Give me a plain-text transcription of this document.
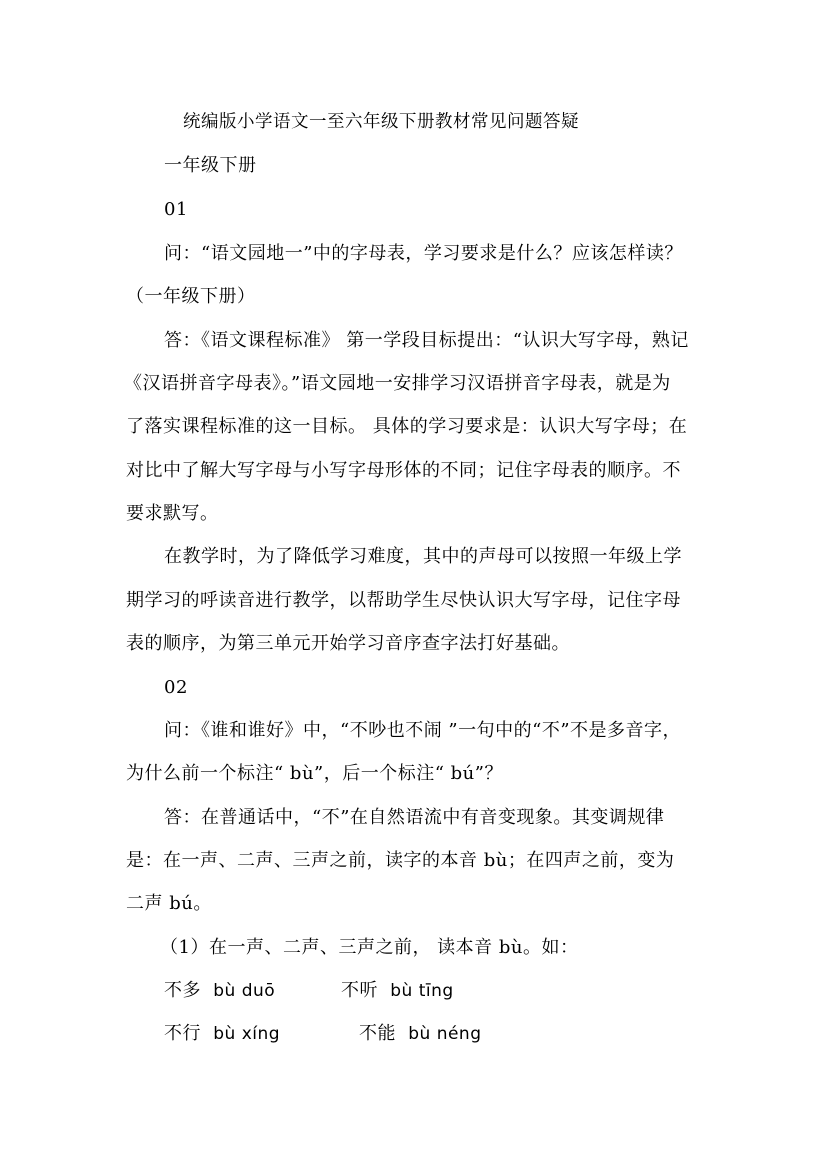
统编版小学语文一至六年级下册教材常见问题答疑
一年级下册
01
问：“语文园地一”中的字母表，学习要求是什么？应该怎样读？
（一年级下册）
答：《语文课程标准》 第一学段目标提出：“认识大写字母，熟记
《汉语拼音字母表》。”语文园地一安排学习汉语拼音字母表，就是为
了落实课程标准的这一目标。 具体的学习要求是：认识大写字母；在
对比中了解大写字母与小写字母形体的不同；记住字母表的顺序。不
要求默写。
在教学时，为了降低学习难度，其中的声母可以按照一年级上学
期学习的呼读音进行教学，以帮助学生尽快认识大写字母，记住字母
表的顺序，为第三单元开始学习音序查字法打好基础。
02
问：《谁和谁好》中，“不吵也不闹 ”一句中的“不”不是多音字，
为什么前一个标注“ bù”，后一个标注“ bú”？
答：在普通话中，“不”在自然语流中有音变现象。其变调规律
是：在一声、二声、三声之前，读字的本音 bù；在四声之前，变为
二声 bú。
（1）在一声、二声、三声之前， 读本音 bù。如：
不多 bù duō	不听 bù tīng
不行 bù xíng	不能 bù néng
